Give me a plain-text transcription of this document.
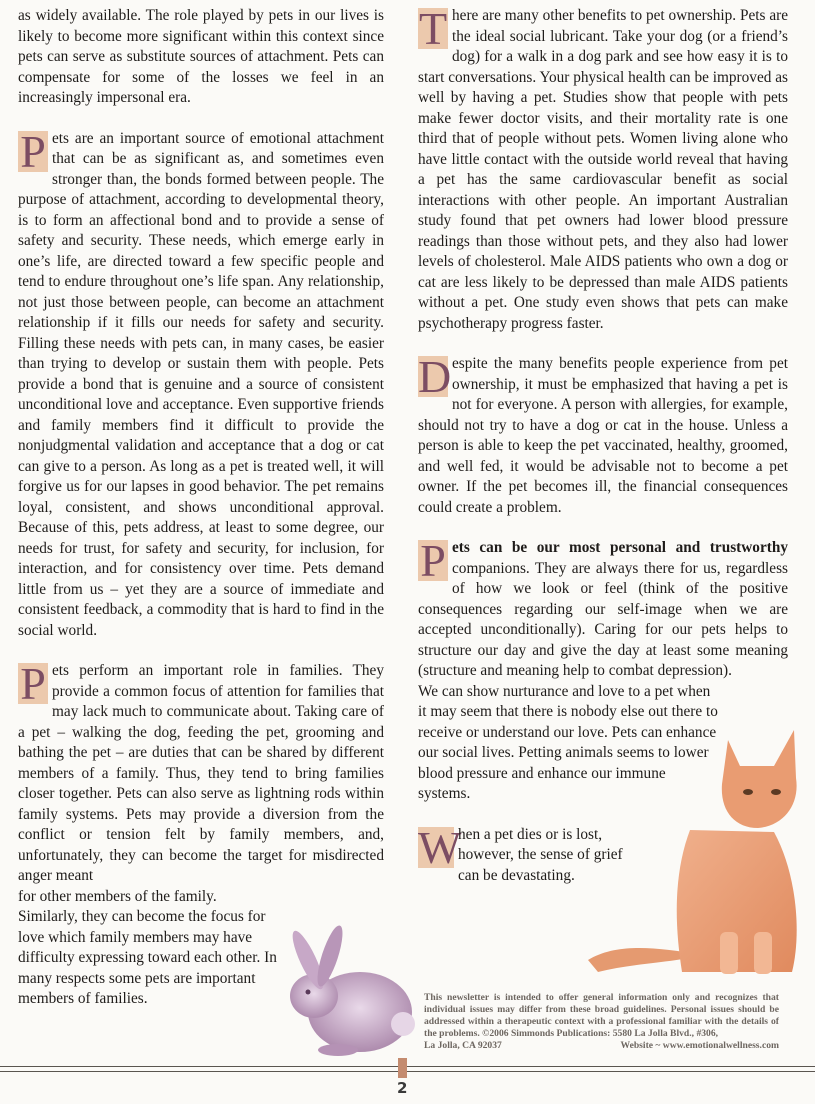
as widely available. The role played by pets in our lives is likely to become more significant within this context since pets can serve as substitute sources of attachment. Pets can compensate for some of the losses we feel in an increasingly impersonal era.

P ets are an important source of emotional attachment that can be as significant as, and sometimes even stronger than, the bonds formed between people. The purpose of attachment, according to developmental theory, is to form an affectional bond and to provide a sense of safety and security. These needs, which emerge early in one’s life, are directed toward a few specific people and tend to endure throughout one’s life span. Any relationship, not just those between people, can become an attachment relationship if it fills our needs for safety and security. Filling these needs with pets can, in many cases, be easier than trying to develop or sustain them with people. Pets provide a bond that is genuine and a source of consistent unconditional love and acceptance. Even supportive friends and family members find it difficult to provide the nonjudgmental validation and acceptance that a dog or cat can give to a person. As long as a pet is treated well, it will forgive us for our lapses in good behavior. The pet remains loyal, consistent, and shows unconditional approval. Because of this, pets address, at least to some degree, our needs for trust, for safety and security, for inclusion, for interaction, and for consistency over time. Pets demand little from us – yet they are a source of immediate and consistent feedback, a commodity that is hard to find in the social world.

P ets perform an important role in families. They provide a common focus of attention for families that may lack much to communicate about. Taking care of a pet – walking the dog, feeding the pet, grooming and bathing the pet – are duties that can be shared by different members of a family. Thus, they tend to bring families closer together. Pets can also serve as lightning rods within family systems. Pets may provide a diversion from the conflict or tension felt by family members, and, unfortunately, they can become the target for misdirected anger meant

for other members of the family. Similarly, they can become the focus for love which family members may have difficulty expressing toward each other. In many respects some pets are important members of families.

T here are many other benefits to pet ownership. Pets are the ideal social lubricant. Take your dog (or a friend’s dog) for a walk in a dog park and see how easy it is to start conversations. Your physical health can be improved as well by having a pet. Studies show that people with pets make fewer doctor visits, and their mortality rate is one third that of people without pets. Women living alone who have little contact with the outside world reveal that having a pet has the same cardiovascular benefit as social interactions with other people. An important Australian study found that pet owners had lower blood pressure readings than those without pets, and they also had lower levels of cholesterol. Male AIDS patients who own a dog or cat are less likely to be depressed than male AIDS patients without a pet. One study even shows that pets can make psychotherapy progress faster.

D espite the many benefits people experience from pet ownership, it must be emphasized that having a pet is not for everyone. A person with allergies, for example, should not try to have a dog or cat in the house. Unless a person is able to keep the pet vaccinated, healthy, groomed, and well fed, it would be advisable not to become a pet owner. If the pet becomes ill, the financial consequences could create a problem.

P ets can be our most personal and trustworthy companions. They are always there for us, regardless of how we look or feel (think of the positive consequences regarding our self-image when we are accepted unconditionally). Caring for our pets helps to structure our day and give the day at least some meaning (structure and meaning help to combat depression).

We can show nurturance and love to a pet when it may seem that there is nobody else out there to receive or understand our love. Pets can enhance our social lives. Petting animals seems to lower blood pressure and enhance our immune systems.

W
hen a pet dies or is lost, however, the sense of grief can be devastating.

This newsletter is intended to offer general information only and recognizes that individual issues may differ from these broad guidelines. Personal issues should be addressed within a therapeutic context with a professional familiar with the details of the problems. ©2006 Simmonds Publications: 5580 La Jolla Blvd., #306,
La Jolla, CA 92037	Website ~ www.emotionalwellness.com
2
